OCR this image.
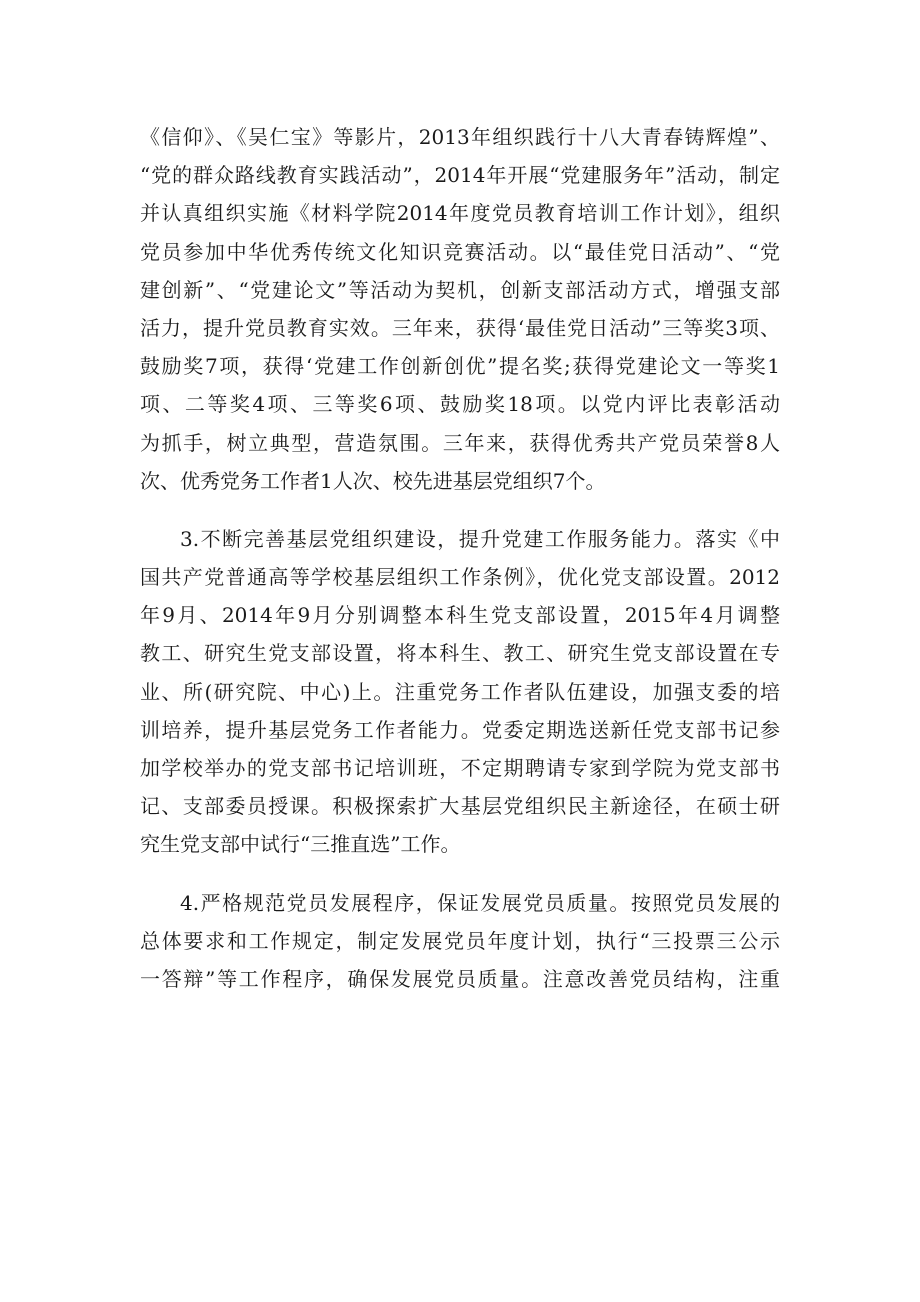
《信仰》、《吴仁宝》等影片，2013年组织践行十八大青春铸辉煌”、
“党的群众路线教育实践活动”，2014年开展“党建服务年”活动，制定
并认真组织实施《材料学院2014年度党员教育培训工作计划》，组织
党员参加中华优秀传统文化知识竞赛活动。以“最佳党日活动”、“党
建创新”、“党建论文”等活动为契机，创新支部活动方式，增强支部
活力，提升党员教育实效。三年来，获得‘最佳党日活动”三等奖3项、
鼓励奖7项，获得‘党建工作创新创优”提名奖;获得党建论文一等奖1
项、二等奖4项、三等奖6项、鼓励奖18项。以党内评比表彰活动
为抓手，树立典型，营造氛围。三年来，获得优秀共产党员荣誉8人
次、优秀党务工作者1人次、校先进基层党组织7个。
3.不断完善基层党组织建设，提升党建工作服务能力。落实《中
国共产党普通高等学校基层组织工作条例》，优化党支部设置。2012
年9月、2014年9月分别调整本科生党支部设置，2015年4月调整
教工、研究生党支部设置，将本科生、教工、研究生党支部设置在专
业、所(研究院、中心)上。注重党务工作者队伍建设，加强支委的培
训培养，提升基层党务工作者能力。党委定期选送新任党支部书记参
加学校举办的党支部书记培训班，不定期聘请专家到学院为党支部书
记、支部委员授课。积极探索扩大基层党组织民主新途径，在硕士研
究生党支部中试行“三推直选”工作。
4.严格规范党员发展程序，保证发展党员质量。按照党员发展的
总体要求和工作规定，制定发展党员年度计划，执行“三投票三公示
一答辩”等工作程序，确保发展党员质量。注意改善党员结构，注重
